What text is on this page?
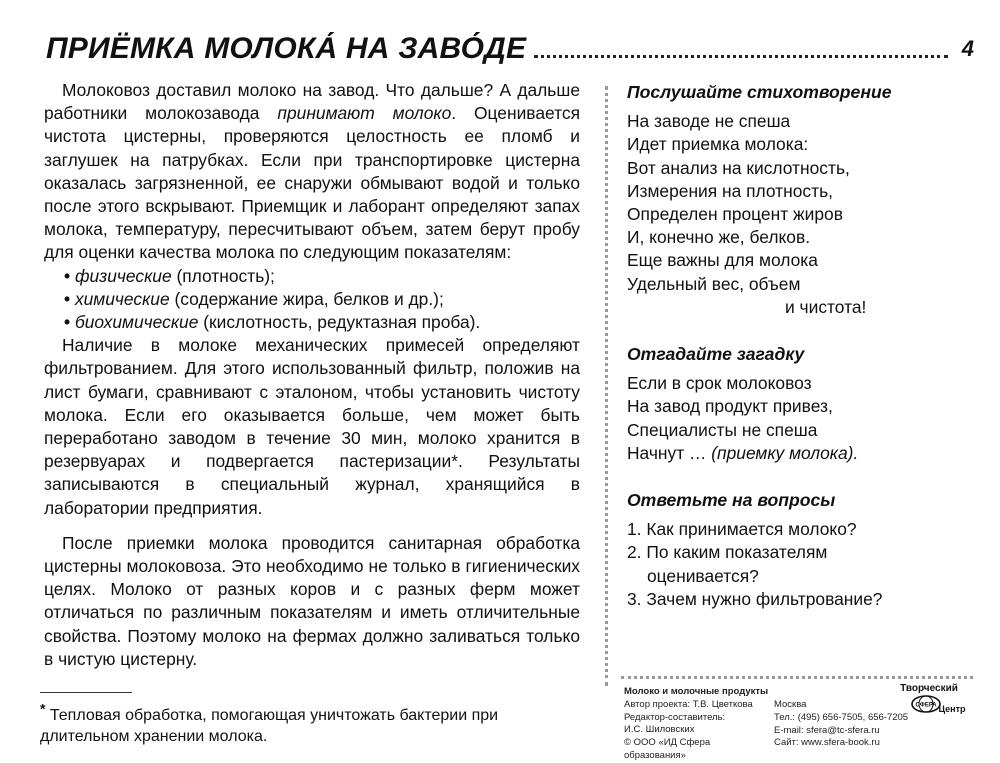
ПРИЁМКА МОЛОКА́ НА ЗАВО́ДЕ	4

Молоковоз доставил молоко на завод. Что дальше? А дальше работники молокозавода принимают молоко. Оценивается чистота цистерны, проверяются целостность ее пломб и заглушек на патрубках. Если при транспортировке цистерна оказалась загрязненной, ее снаружи обмывают водой и только после этого вскрывают. Приемщик и лаборант определяют запах молока, температуру, пересчитывают объем, затем берут пробу для оценки качества молока по следующим показателям:

• физические (плотность);
• химические (содержание жира, белков и др.);
• биохимические (кислотность, редуктазная проба).

Наличие в молоке механических примесей определяют фильтрованием. Для этого использованный фильтр, положив на лист бумаги, сравнивают с эталоном, чтобы установить чистоту молока. Если его оказывается больше, чем может быть переработано заводом в течение 30 мин, молоко хранится в резервуарах и подвергается пастеризации*. Результаты записываются в специальный журнал, хранящийся в лаборатории предприятия.

После приемки молока проводится санитарная обработка цистерны молоковоза. Это необходимо не только в гигиенических целях. Молоко от разных коров и с разных ферм может отличаться по различным показателям и иметь отличительные свойства. Поэтому молоко на фермах должно заливаться только в чистую цистерну.

* Тепловая обработка, помогающая уничтожать бактерии при длительном хранении молока.
Послушайте стихотворение
На заводе не спеша
Идет приемка молока:
Вот анализ на кислотность,
Измерения на плотность,
Определен процент жиров
И, конечно же, белков.
Еще важны для молока
Удельный вес, объем
и чистота!
Отгадайте загадку
Если в срок молоковоз
На завод продукт привез,
Специалисты не спеша
Начнут … (приемку молока).
Ответьте на вопросы
1. Как принимается молоко?
2. По каким показателям
оценивается?
3. Зачем нужно фильтрование?
Молоко и молочные продукты
Автор проекта: Т.В. Цветкова
Редактор-составитель:
И.С. Шиловских
© ООО «ИД Сфера образования»
Москва
Тел.: (495) 656-7505, 656-7205
E-mail: sfera@tc-sfera.ru
Сайт: www.sfera-book.ru
Творческий
СФЕРА Центр
